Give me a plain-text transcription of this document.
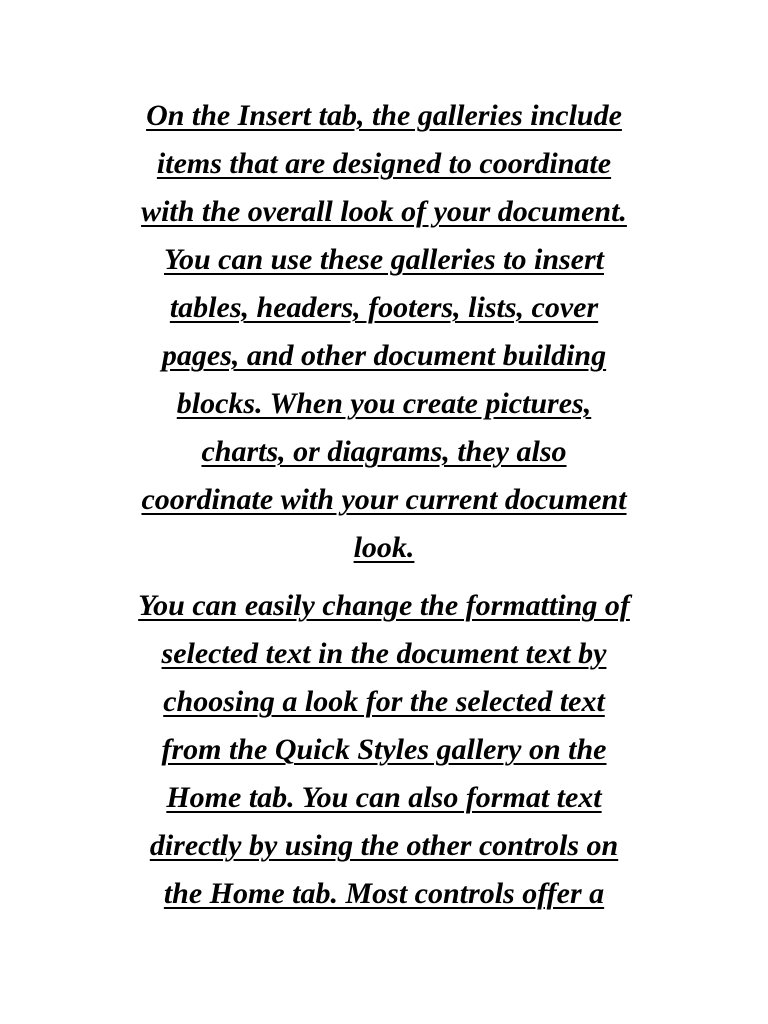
On the Insert tab, the galleries include
items that are designed to coordinate
with the overall look of your document.
You can use these galleries to insert
tables, headers, footers, lists, cover
pages, and other document building
blocks. When you create pictures,
charts, or diagrams, they also
coordinate with your current document
look.

You can easily change the formatting of
selected text in the document text by
choosing a look for the selected text
from the Quick Styles gallery on the
Home tab. You can also format text
directly by using the other controls on
the Home tab. Most controls offer a
